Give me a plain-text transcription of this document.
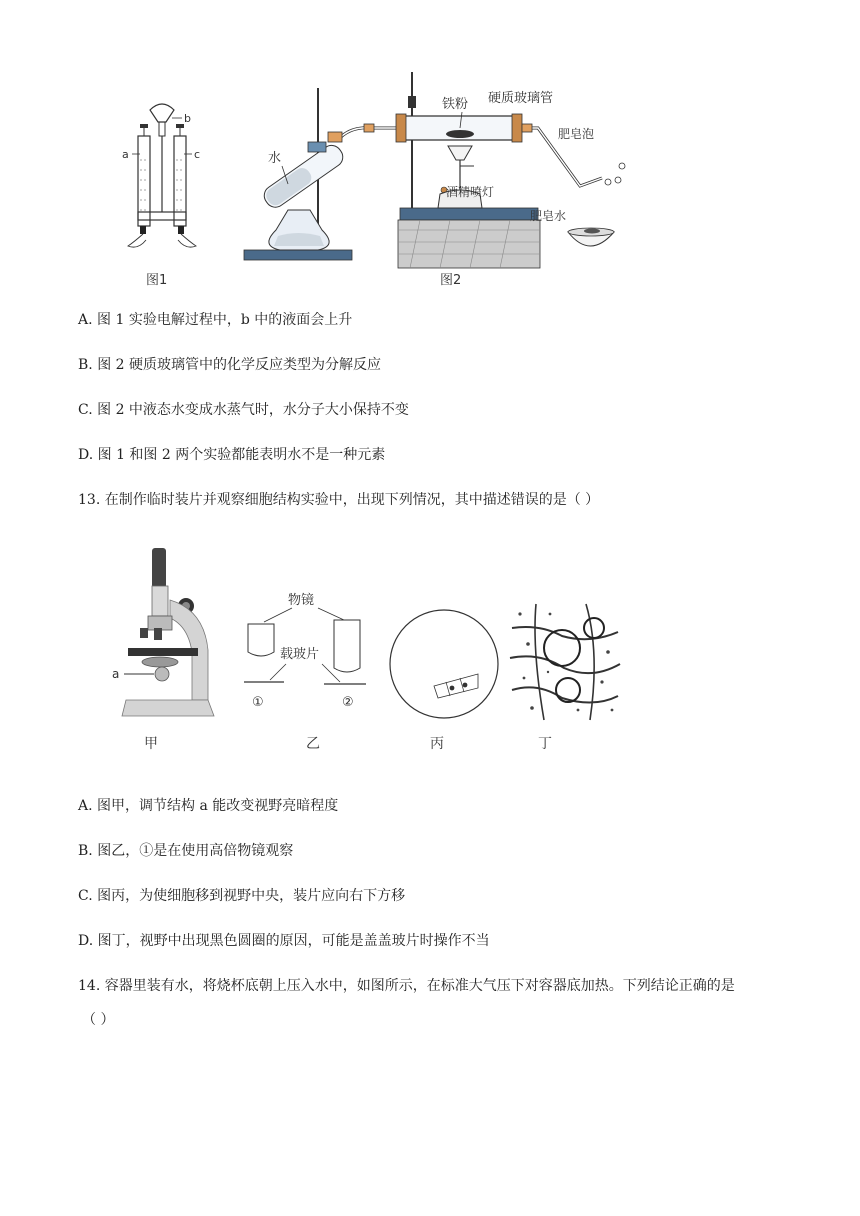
a	c
b
图1
水
铁粉 硬质玻璃管
酒精喷灯
肥皂泡
肥皂水
图2
A. 图 1 实验电解过程中，b 中的液面会上升
B. 图 2 硬质玻璃管中的化学反应类型为分解反应
C. 图 2 中液态水变成水蒸气时，水分子大小保持不变
D. 图 1 和图 2 两个实验都能表明水不是一种元素
13. 在制作临时装片并观察细胞结构实验中，出现下列情况，其中描述错误的是（ ）
a
甲
物镜
载玻片
①	②
乙	丙	丁
A. 图甲，调节结构 a 能改变视野亮暗程度
B. 图乙，①是在使用高倍物镜观察
C. 图丙，为使细胞移到视野中央，装片应向右下方移
D. 图丁，视野中出现黑色圆圈的原因，可能是盖盖玻片时操作不当
14. 容器里装有水，将烧杯底朝上压入水中，如图所示，在标准大气压下对容器底加热。下列结论正确的是
（ ）
